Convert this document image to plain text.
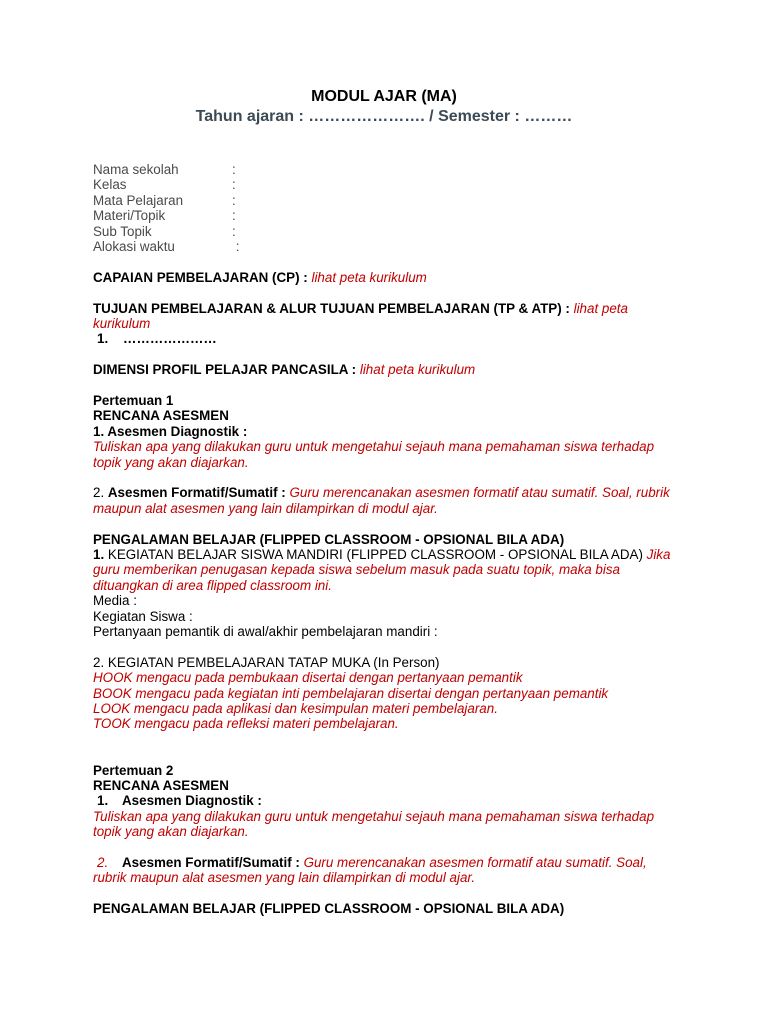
MODUL AJAR (MA)
Tahun ajaran : …………………. / Semester : ………
Nama sekolah	:
Kelas	:
Mata Pelajaran	:
Materi/Topik	:
Sub Topik	:
Alokasi waktu	:

CAPAIAN PEMBELAJARAN (CP) : lihat peta kurikulum

TUJUAN PEMBELAJARAN & ALUR TUJUAN PEMBELAJARAN (TP & ATP) : lihat peta kurikulum

1.    …………………

DIMENSI PROFIL PELAJAR PANCASILA : lihat peta kurikulum

Pertemuan 1

RENCANA ASESMEN

1. Asesmen Diagnostik :

Tuliskan apa yang dilakukan guru untuk mengetahui sejauh mana pemahaman siswa terhadap topik yang akan diajarkan.

2. Asesmen Formatif/Sumatif : Guru merencanakan asesmen formatif atau sumatif. Soal, rubrik maupun alat asesmen yang lain dilampirkan di modul ajar.

PENGALAMAN BELAJAR (FLIPPED CLASSROOM - OPSIONAL BILA ADA)

1. KEGIATAN BELAJAR SISWA MANDIRI (FLIPPED CLASSROOM - OPSIONAL BILA ADA) Jika guru memberikan penugasan kepada siswa sebelum masuk pada suatu topik, maka bisa dituangkan di area flipped classroom ini.

Media :

Kegiatan Siswa :

Pertanyaan pemantik di awal/akhir pembelajaran mandiri :

2. KEGIATAN PEMBELAJARAN TATAP MUKA (In Person)

HOOK mengacu pada pembukaan disertai dengan pertanyaan pemantik

BOOK mengacu pada kegiatan inti pembelajaran disertai dengan pertanyaan pemantik

LOOK mengacu pada aplikasi dan kesimpulan materi pembelajaran.

TOOK mengacu pada refleksi materi pembelajaran.

Pertemuan 2

RENCANA ASESMEN

1. Asesmen Diagnostik :

Tuliskan apa yang dilakukan guru untuk mengetahui sejauh mana pemahaman siswa terhadap topik yang akan diajarkan.

2. Asesmen Formatif/Sumatif : Guru merencanakan asesmen formatif atau sumatif. Soal, rubrik maupun alat asesmen yang lain dilampirkan di modul ajar.

PENGALAMAN BELAJAR (FLIPPED CLASSROOM - OPSIONAL BILA ADA)
